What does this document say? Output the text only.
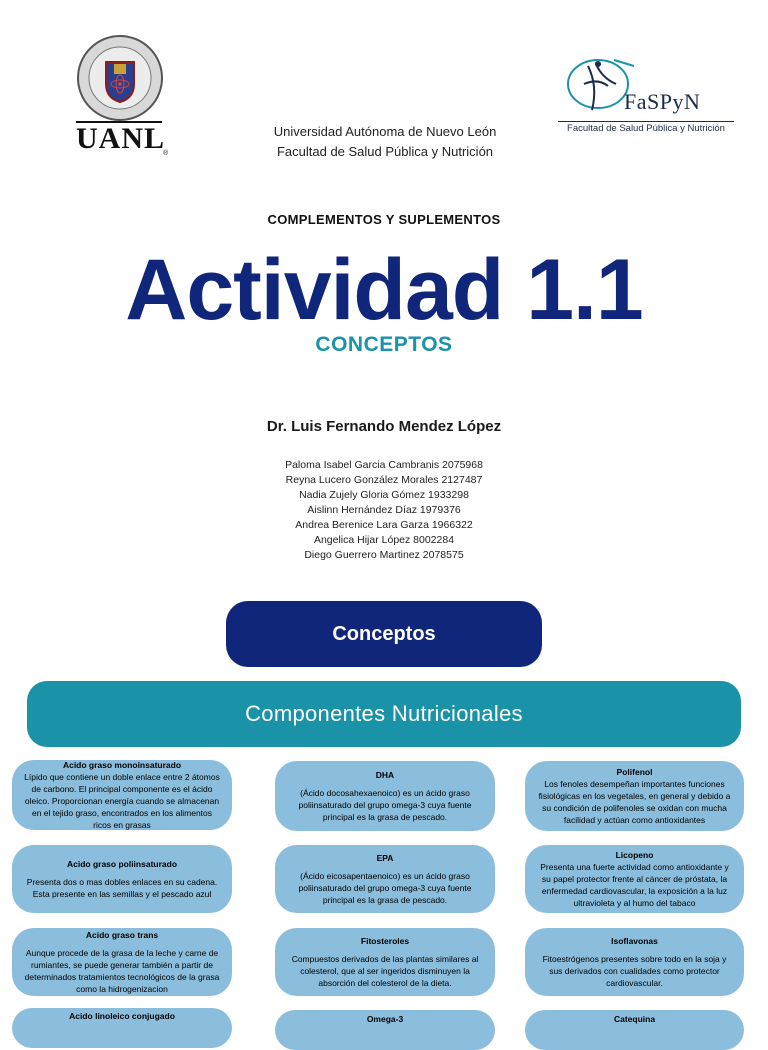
UANL
®
Universidad Autónoma de Nuevo León
Facultad de Salud Pública y Nutrición
FaSPyN
Facultad de Salud Pública y Nutrición
COMPLEMENTOS Y SUPLEMENTOS
Actividad 1.1
CONCEPTOS
Dr. Luis Fernando Mendez López
Paloma Isabel Garcia Cambranis 2075968
Reyna Lucero González Morales 2127487
Nadia Zujely Gloria Gómez 1933298
Aislinn Hernández Díaz 1979376
Andrea Berenice Lara Garza 1966322
Angelica Hijar López 8002284
Diego Guerrero Martinez 2078575
Conceptos
Componentes Nutricionales
Acido graso monoinsaturado
Lípido que contiene un doble enlace entre 2 átomos de carbono. El principal componente es el ácido oleico. Proporcionan energía cuando se almacenan en el tejido graso, encontrados en los alimentos ricos en grasas
DHA
(Ácido docosahexaenoico) es un ácido graso poliinsaturado del grupo omega-3 cuya fuente principal es la grasa de pescado.
Polifenol
Los fenoles desempeñan importantes funciones fisiológicas en los vegetales, en general y debido a su condición de polifenoles se oxidan con mucha facilidad y actúan como antioxidantes
Acido graso poliinsaturado
Presenta dos o mas dobles enlaces en su cadena. Esta presente en las semillas y el pescado azul
EPA
(Ácido eicosapentaenoico) es un ácido graso poliinsaturado del grupo omega-3 cuya fuente principal es la grasa de pescado.
Licopeno
Presenta una fuerte actividad como antioxidante y su papel protector frente al cáncer de próstata, la enfermedad cardiovascular, la exposición a la luz ultravioleta y al humo del tabaco
Acido graso trans
Aunque procede de la grasa de la leche y carne de rumiantes, se puede generar también a partir de determinados tratamientos tecnológicos de la grasa como la hidrogenizacion
Fitosteroles
Compuestos derivados de las plantas similares al colesterol, que al ser ingeridos disminuyen la absorción del colesterol de la dieta.
Isoflavonas
Fitoestrógenos presentes sobre todo en la soja y sus derivados con cualidades como protector cardiovascular.
Acido linoleico conjugado	Omega-3	Catequina
